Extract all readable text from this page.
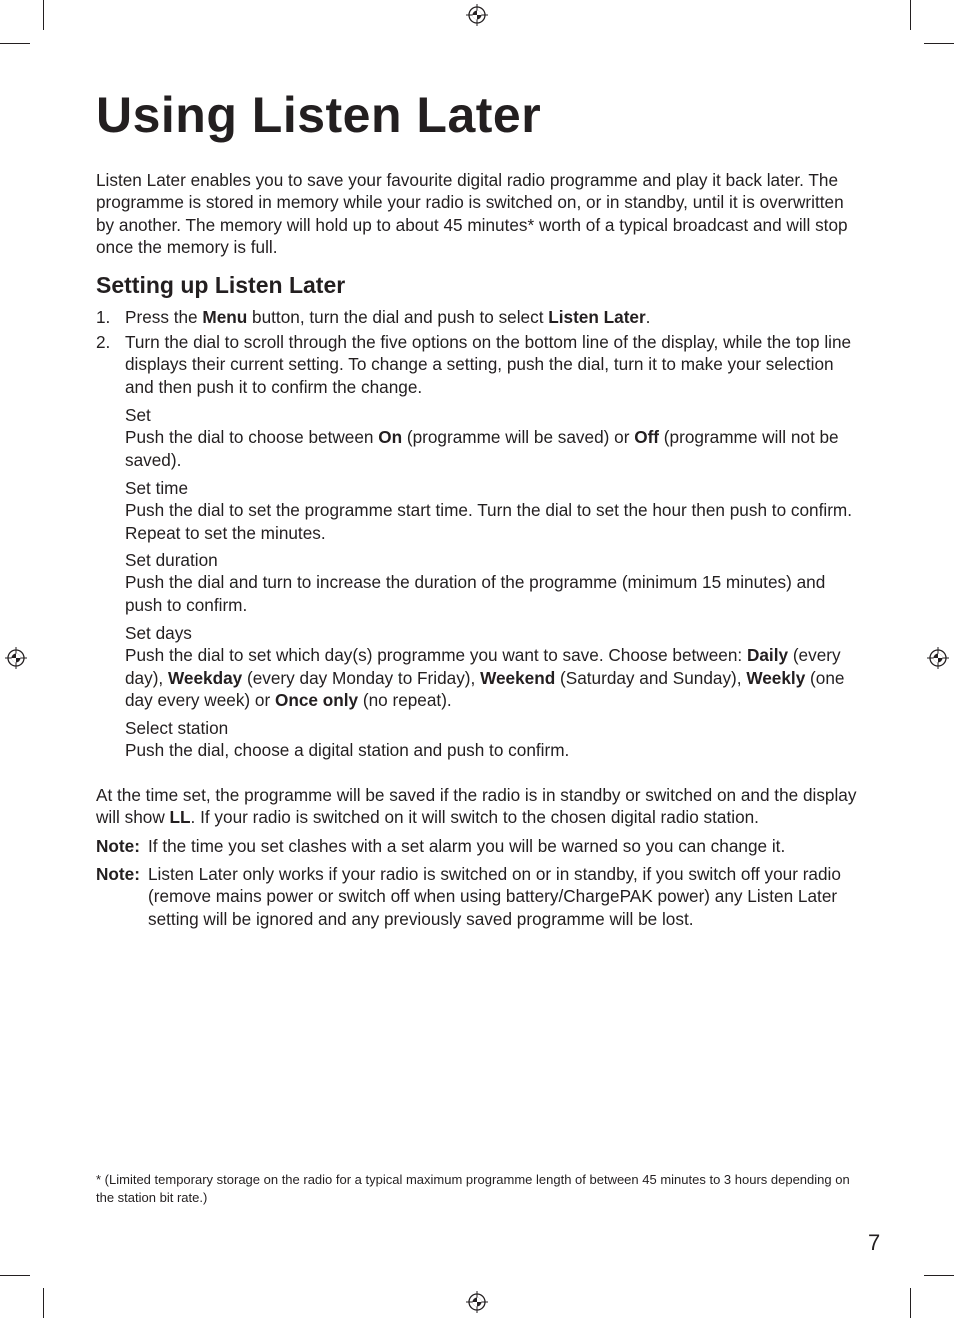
Using Listen Later

Listen Later enables you to save your favourite digital radio programme and play it back later. The programme is stored in memory while your radio is switched on, or in standby, until it is overwritten by another. The memory will hold up to about 45 minutes* worth of a typical broadcast and will stop once the memory is full.

Setting up Listen Later
1. Press the Menu button, turn the dial and push to select Listen Later.
2. Turn the dial to scroll through the five options on the bottom line of the display, while the top line displays their current setting. To change a setting, push the dial, turn it to make your selection and then push it to confirm the change.
Set
Push the dial to choose between On (programme will be saved) or Off (programme will not be saved).
Set time
Push the dial to set the programme start time. Turn the dial to set the hour then push to confirm. Repeat to set the minutes.
Set duration
Push the dial and turn to increase the duration of the programme (minimum 15 minutes) and push to confirm.
Set days
Push the dial to set which day(s) programme you want to save. Choose between: Daily (every day), Weekday (every day Monday to Friday), Weekend (Saturday and Sunday), Weekly (one day every week) or Once only (no repeat).
Select station
Push the dial, choose a digital station and push to confirm.

At the time set, the programme will be saved if the radio is in standby or switched on and the display will show LL. If your radio is switched on it will switch to the chosen digital radio station.

Note: If the time you set clashes with a set alarm you will be warned so you can change it.
Note: Listen Later only works if your radio is switched on or in standby, if you switch off your radio (remove mains power or switch off when using battery/ChargePAK power) any Listen Later setting will be ignored and any previously saved programme will be lost.
* (Limited temporary storage on the radio for a typical maximum programme length of between 45 minutes to 3 hours depending on the station bit rate.)
7
